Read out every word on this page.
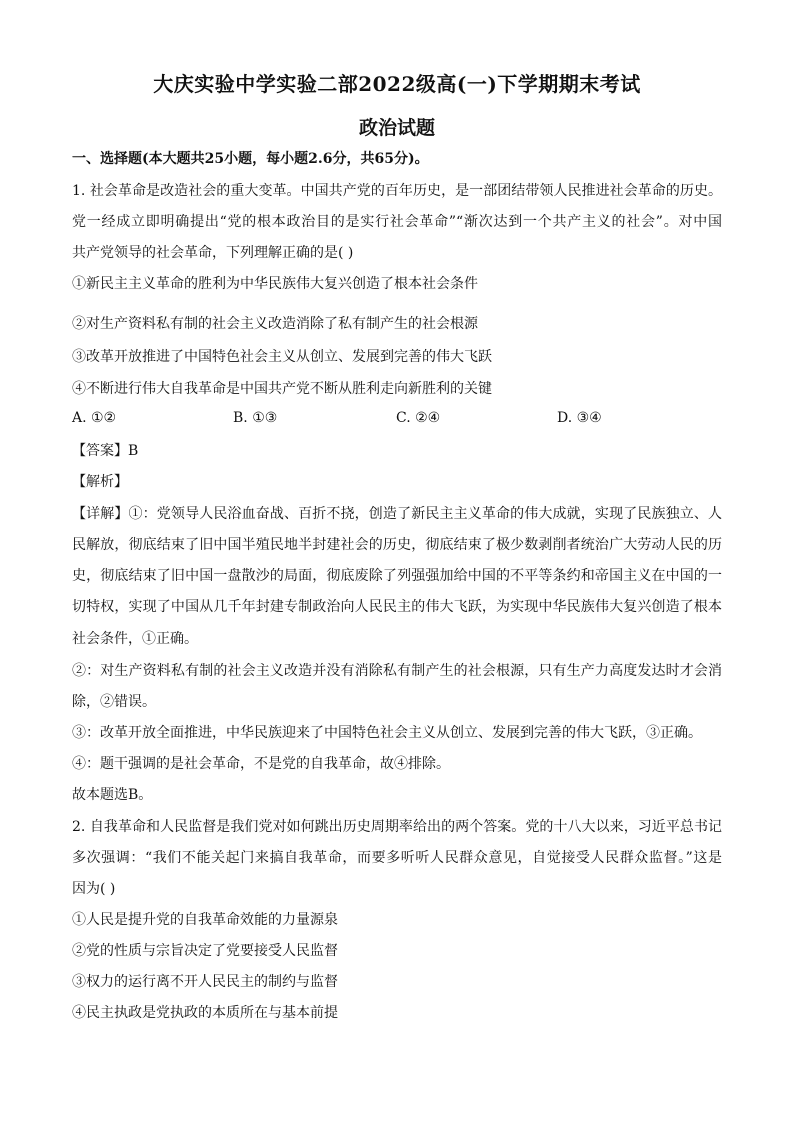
大庆实验中学实验二部2022级高(一)下学期期末考试
政治试题
一、选择题(本大题共25小题，每小题2.6分，共65分)。
1. 社会革命是改造社会的重大变革。中国共产党的百年历史，是一部团结带领人民推进社会革命的历史。
党一经成立即明确提出“党的根本政治目的是实行社会革命”“渐次达到一个共产主义的社会”。对中国
共产党领导的社会革命，下列理解正确的是( )
①新民主主义革命的胜利为中华民族伟大复兴创造了根本社会条件
②对生产资料私有制的社会主义改造消除了私有制产生的社会根源
③改革开放推进了中国特色社会主义从创立、发展到完善的伟大飞跃
④不断进行伟大自我革命是中国共产党不断从胜利走向新胜利的关键
A. ①②	B. ①③	C. ②④	D. ③④
【答案】B
【解析】
【详解】①：党领导人民浴血奋战、百折不挠，创造了新民主主义革命的伟大成就，实现了民族独立、人
民解放，彻底结束了旧中国半殖民地半封建社会的历史，彻底结束了极少数剥削者统治广大劳动人民的历
史，彻底结束了旧中国一盘散沙的局面，彻底废除了列强强加给中国的不平等条约和帝国主义在中国的一
切特权，实现了中国从几千年封建专制政治向人民民主的伟大飞跃，为实现中华民族伟大复兴创造了根本
社会条件，①正确。
②：对生产资料私有制的社会主义改造并没有消除私有制产生的社会根源，只有生产力高度发达时才会消
除，②错误。
③：改革开放全面推进，中华民族迎来了中国特色社会主义从创立、发展到完善的伟大飞跃，③正确。
④：题干强调的是社会革命，不是党的自我革命，故④排除。
故本题选B。
2. 自我革命和人民监督是我们党对如何跳出历史周期率给出的两个答案。党的十八大以来，习近平总书记
多次强调：“我们不能关起门来搞自我革命，而要多听听人民群众意见，自觉接受人民群众监督。”这是
因为( )
①人民是提升党的自我革命效能的力量源泉
②党的性质与宗旨决定了党要接受人民监督
③权力的运行离不开人民民主的制约与监督
④民主执政是党执政的本质所在与基本前提
